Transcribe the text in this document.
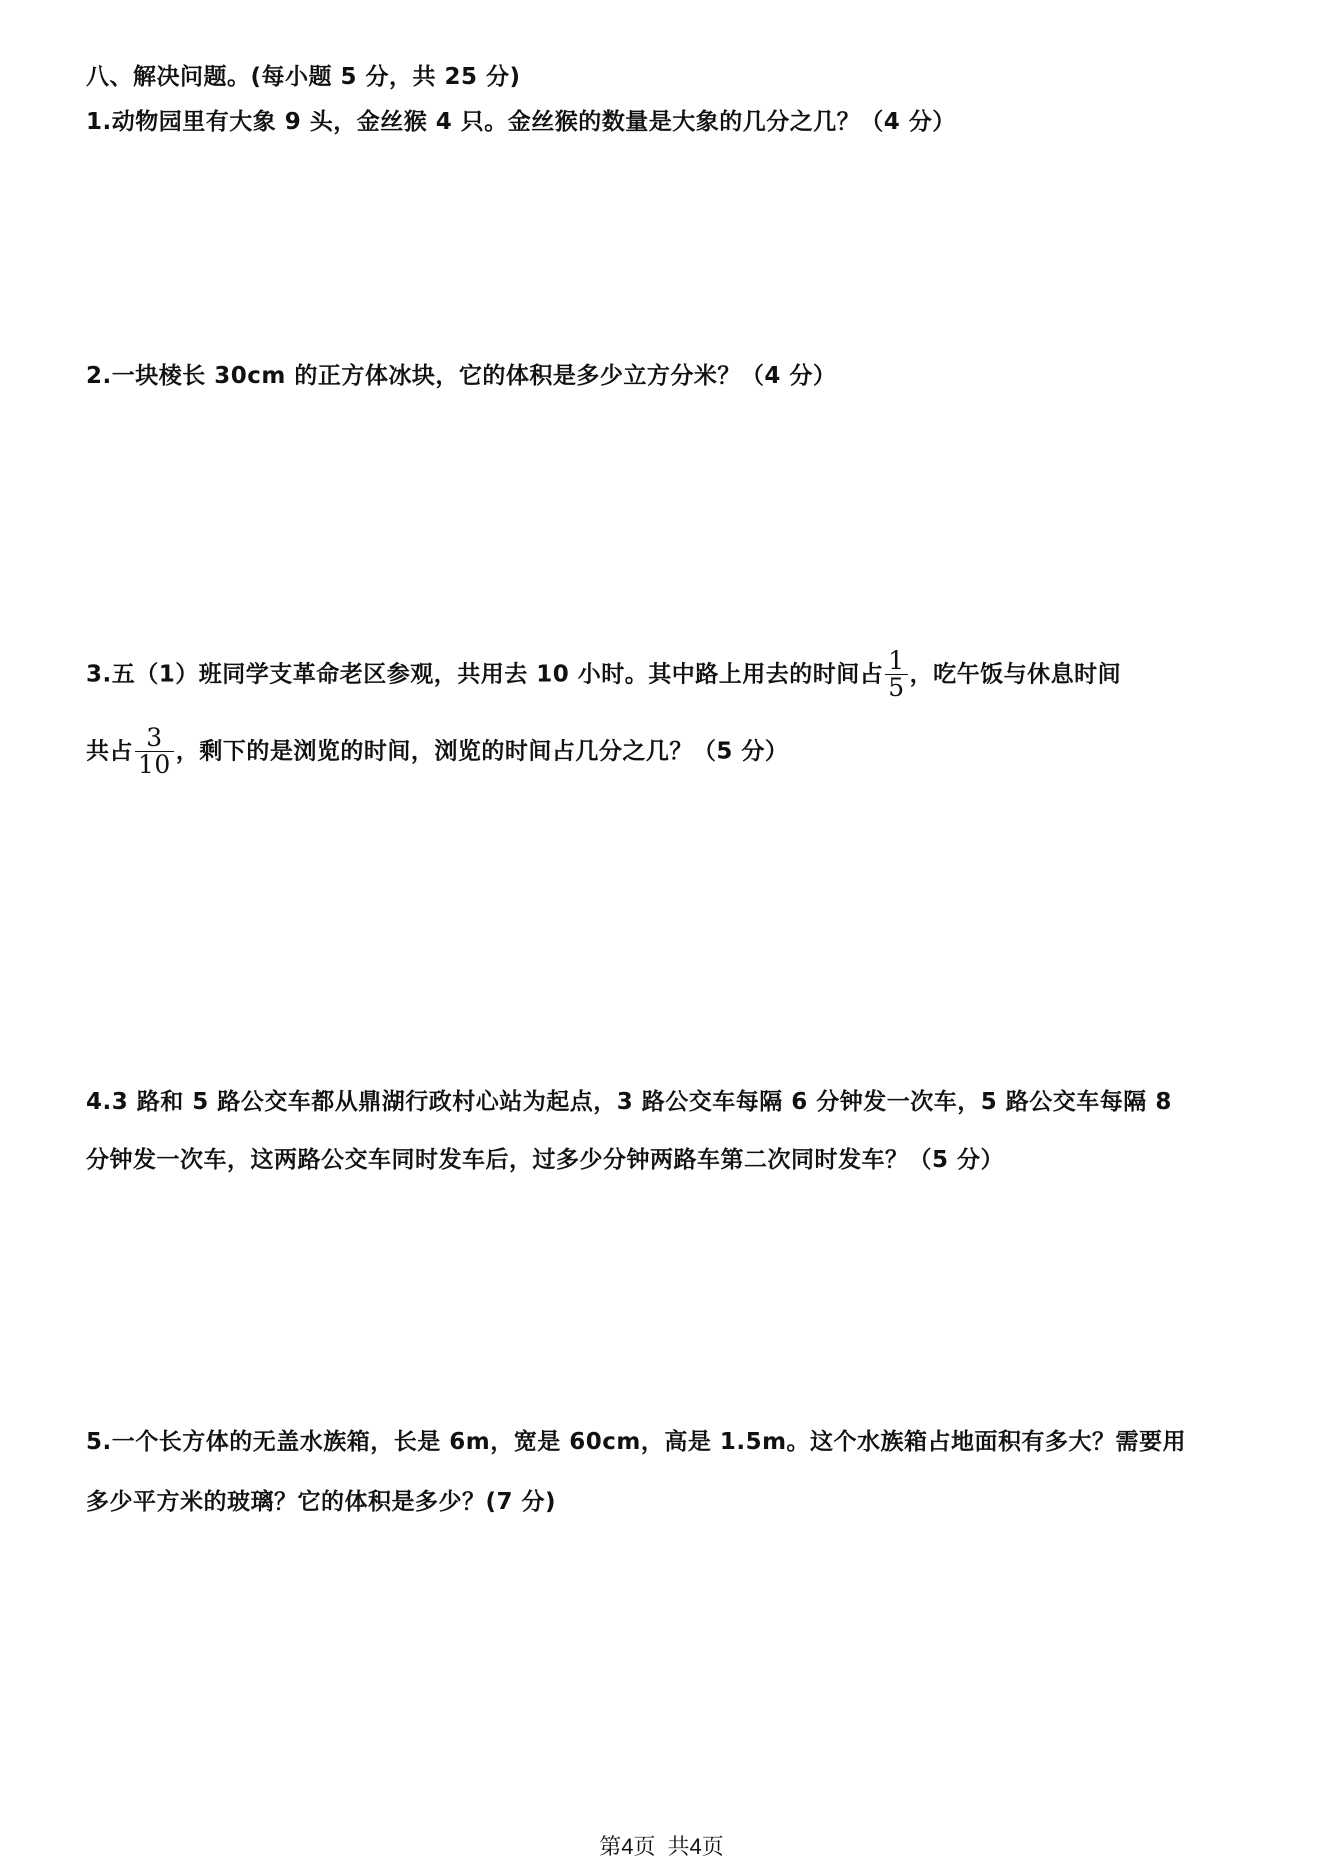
八、解决问题。(每小题 5 分，共 25 分)
1.动物园里有大象 9 头，金丝猴 4 只。金丝猴的数量是大象的几分之几？（4 分）
2.一块棱长 30cm 的正方体冰块，它的体积是多少立方分米？（4 分）
3.五（1）班同学支革命老区参观，共用去 10 小时。其中路上用去的时间占 $\frac{1}{5}$ ，吃午饭与休息时间
共占 $\frac{3}{10}$ ，剩下的是浏览的时间，浏览的时间占几分之几？（5 分）
4.3 路和 5 路公交车都从鼎湖行政村心站为起点，3 路公交车每隔 6 分钟发一次车，5 路公交车每隔 8
分钟发一次车，这两路公交车同时发车后，过多少分钟两路车第二次同时发车？（5 分）
5.一个长方体的无盖水族箱，长是 6m，宽是 60cm，高是 1.5m。这个水族箱占地面积有多大？需要用
多少平方米的玻璃？它的体积是多少？(7 分)
第4页 共4页
